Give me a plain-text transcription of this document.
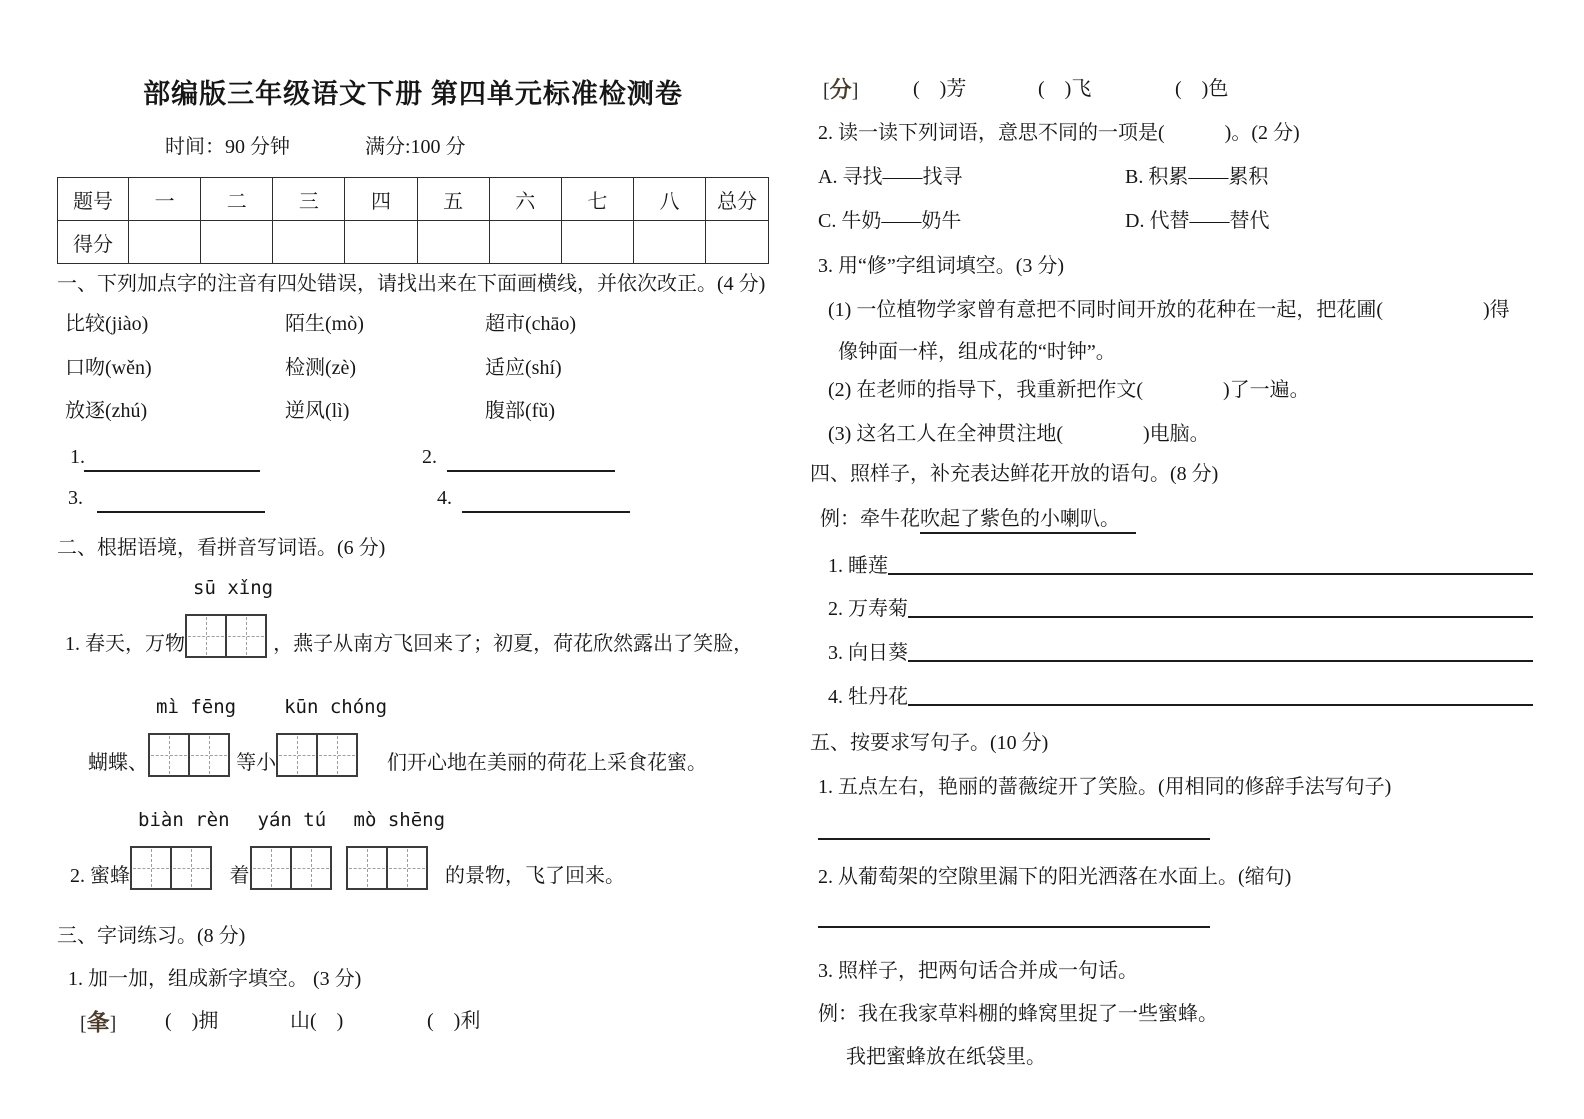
部编版三年级语文下册 第四单元标准检测卷
时间：90 分钟	满分:100 分
题号	一	二	三	四	五	六	七	八	总分
得分									
一、下列加点字的注音有四处错误，请找出来在下面画横线，并依次改正。(4 分)
比较(jiào)	陌生(mò)	超市(chāo)
口吻(wěn)	检测(zè)	适应(shí)
放逐(zhú)	逆风(lì)	腹部(fǔ)
1.	2.
3.	4.
二、根据语境，看拼音写词语。(6 分)
1. 春天，万物
sū xǐng
，燕子从南方飞回来了；初夏，荷花欣然露出了笑脸，
蝴蝶、
mì fēng
等小
kūn chóng
们开心地在美丽的荷花上采食花蜜。
2. 蜜蜂
biàn rèn
着
yán tú mò shēng
的景物，飞了回来。
三、字词练习。(8 分)
1. 加一加，组成新字填空。 (3 分)
[夆] (　)拥	山(　)	(　)利
[分]	(　)芳	(　)飞	(　)色
2. 读一读下列词语，意思不同的一项是(　　　)。(2 分)
A. 寻找——找寻	B. 积累——累积
C. 牛奶——奶牛	D. 代替——替代
3. 用“修”字组词填空。(3 分)
(1) 一位植物学家曾有意把不同时间开放的花种在一起，把花圃(　　　　　)得
像钟面一样，组成花的“时钟”。
(2) 在老师的指导下，我重新把作文(　　　　)了一遍。
(3) 这名工人在全神贯注地(　　　　)电脑。
四、照样子，补充表达鲜花开放的语句。(8 分)
例：牵牛花吹起了紫色的小喇叭。
1. 睡莲
2. 万寿菊
3. 向日葵
4. 牡丹花
五、按要求写句子。(10 分)
1. 五点左右，艳丽的蔷薇绽开了笑脸。(用相同的修辞手法写句子)
2. 从葡萄架的空隙里漏下的阳光洒落在水面上。(缩句)
3. 照样子，把两句话合并成一句话。
例：我在我家草料棚的蜂窝里捉了一些蜜蜂。
我把蜜蜂放在纸袋里。
